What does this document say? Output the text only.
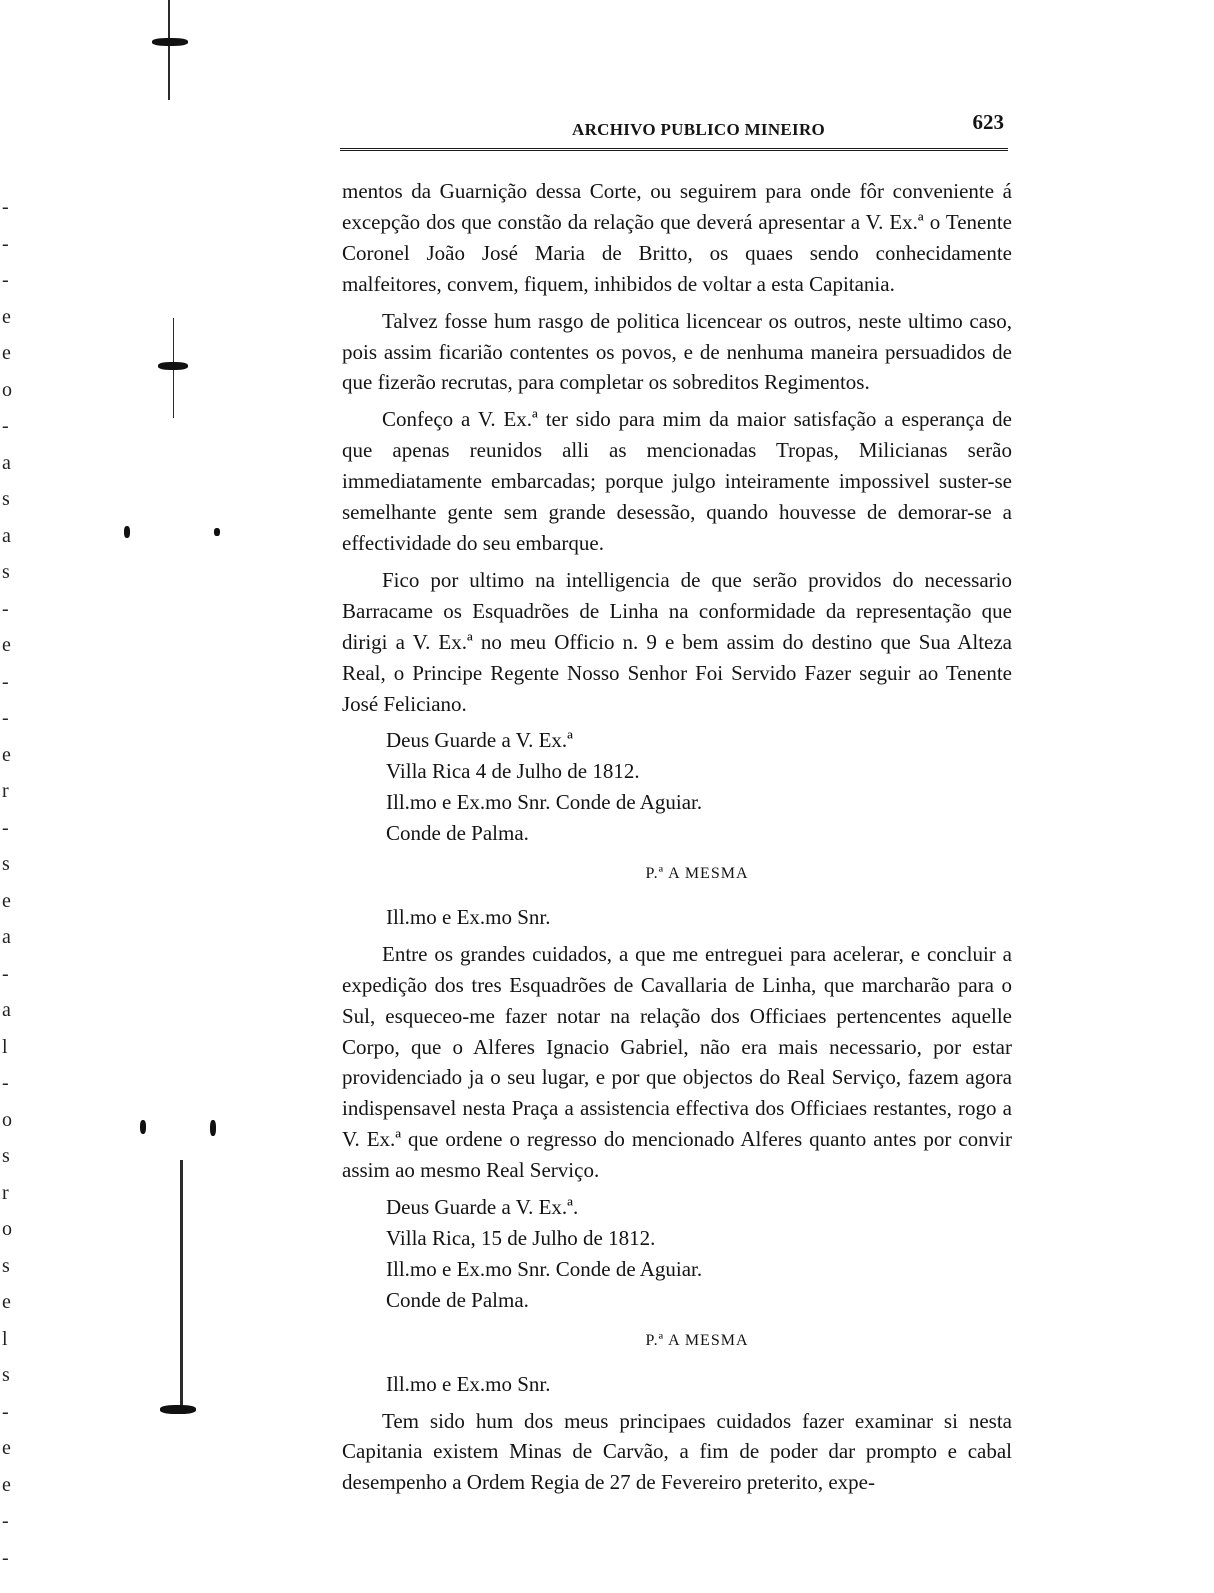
-
-
-
e
e
o
-
a
s
a
s
-
e
-
-
e
r
-
s
e
a
-
a
l
-
o
s
r
o
s
e
l
s
-
e
e
-
-
ARCHIVO PUBLICO MINEIRO	623

mentos da Guarnição dessa Corte, ou seguirem para onde fôr conveniente á excepção dos que constão da relação que deverá apresentar a V. Ex.ª o Tenente Coronel João José Maria de Britto, os quaes sendo conhecidamente malfeitores, convem, fiquem, inhibidos de voltar a esta Capitania.

Talvez fosse hum rasgo de politica licencear os outros, neste ultimo caso, pois assim ficarião contentes os povos, e de nenhuma maneira persuadidos de que fizerão recrutas, para completar os sobreditos Regimentos.

Confeço a V. Ex.ª ter sido para mim da maior satisfação a esperança de que apenas reunidos alli as mencionadas Tropas, Milicianas serão immediatamente embarcadas; porque julgo inteiramente impossivel suster-se semelhante gente sem grande desessão, quando houvesse de demorar-se a effectividade do seu embarque.

Fico por ultimo na intelligencia de que serão providos do necessario Barracame os Esquadrões de Linha na conformidade da representação que dirigi a V. Ex.ª no meu Officio n. 9 e bem assim do destino que Sua Alteza Real, o Principe Regente Nosso Senhor Foi Servido Fazer seguir ao Tenente José Feliciano.

Deus Guarde a V. Ex.ª
Villa Rica 4 de Julho de 1812.
Ill.mo e Ex.mo Snr. Conde de Aguiar.
Conde de Palma.
P.ª A MESMA
Ill.mo e Ex.mo Snr.

Entre os grandes cuidados, a que me entreguei para acelerar, e concluir a expedição dos tres Esquadrões de Cavallaria de Linha, que marcharão para o Sul, esqueceo-me fazer notar na relação dos Officiaes pertencentes aquelle Corpo, que o Alferes Ignacio Gabriel, não era mais necessario, por estar providenciado ja o seu lugar, e por que objectos do Real Serviço, fazem agora indispensavel nesta Praça a assistencia effectiva dos Officiaes restantes, rogo a V. Ex.ª que ordene o regresso do mencionado Alferes quanto antes por convir assim ao mesmo Real Serviço.

Deus Guarde a V. Ex.ª.
Villa Rica, 15 de Julho de 1812.
Ill.mo e Ex.mo Snr. Conde de Aguiar.
Conde de Palma.
P.ª A MESMA
Ill.mo e Ex.mo Snr.

Tem sido hum dos meus principaes cuidados fazer examinar si nesta Capitania existem Minas de Carvão, a fim de poder dar prompto e cabal desempenho a Ordem Regia de 27 de Fevereiro preterito, expe-
